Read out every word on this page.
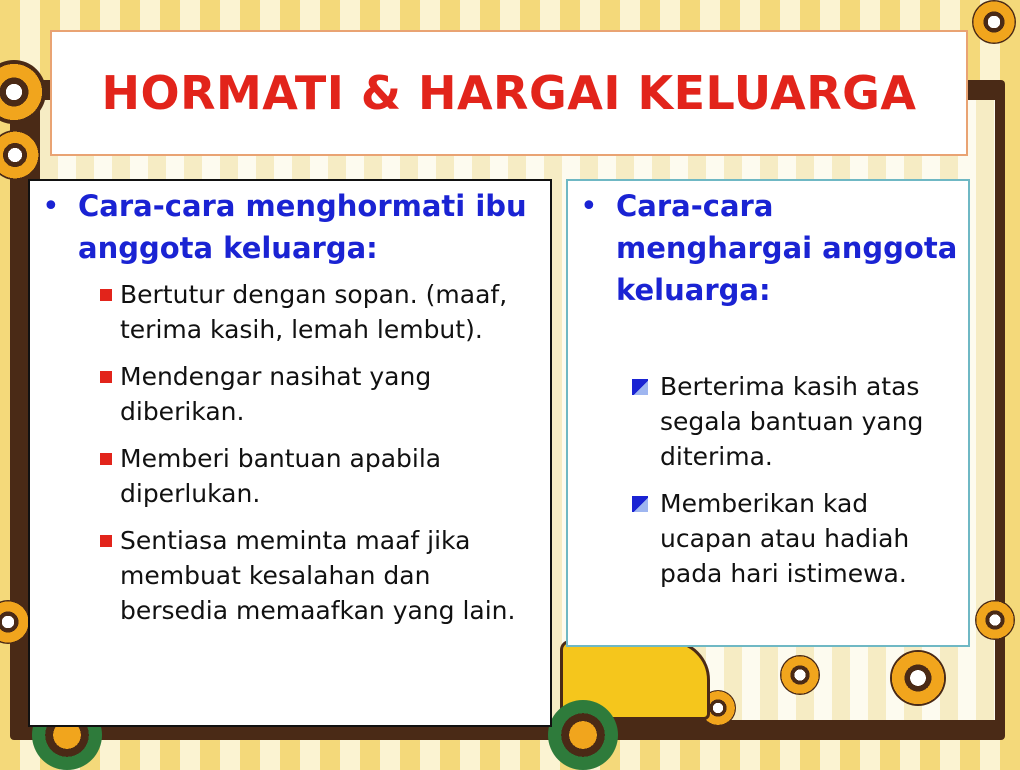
HORMATI & HARGAI KELUARGA
• Cara-cara menghormati ibu anggota keluarga:
Bertutur dengan sopan. (maaf, terima kasih, lemah lembut).
Mendengar nasihat yang diberikan.
Memberi bantuan apabila diperlukan.
Sentiasa meminta maaf jika membuat kesalahan dan bersedia memaafkan yang lain.
• Cara-cara menghargai anggota keluarga:
Berterima kasih atas segala bantuan yang diterima.
Memberikan kad ucapan atau hadiah pada hari istimewa.
